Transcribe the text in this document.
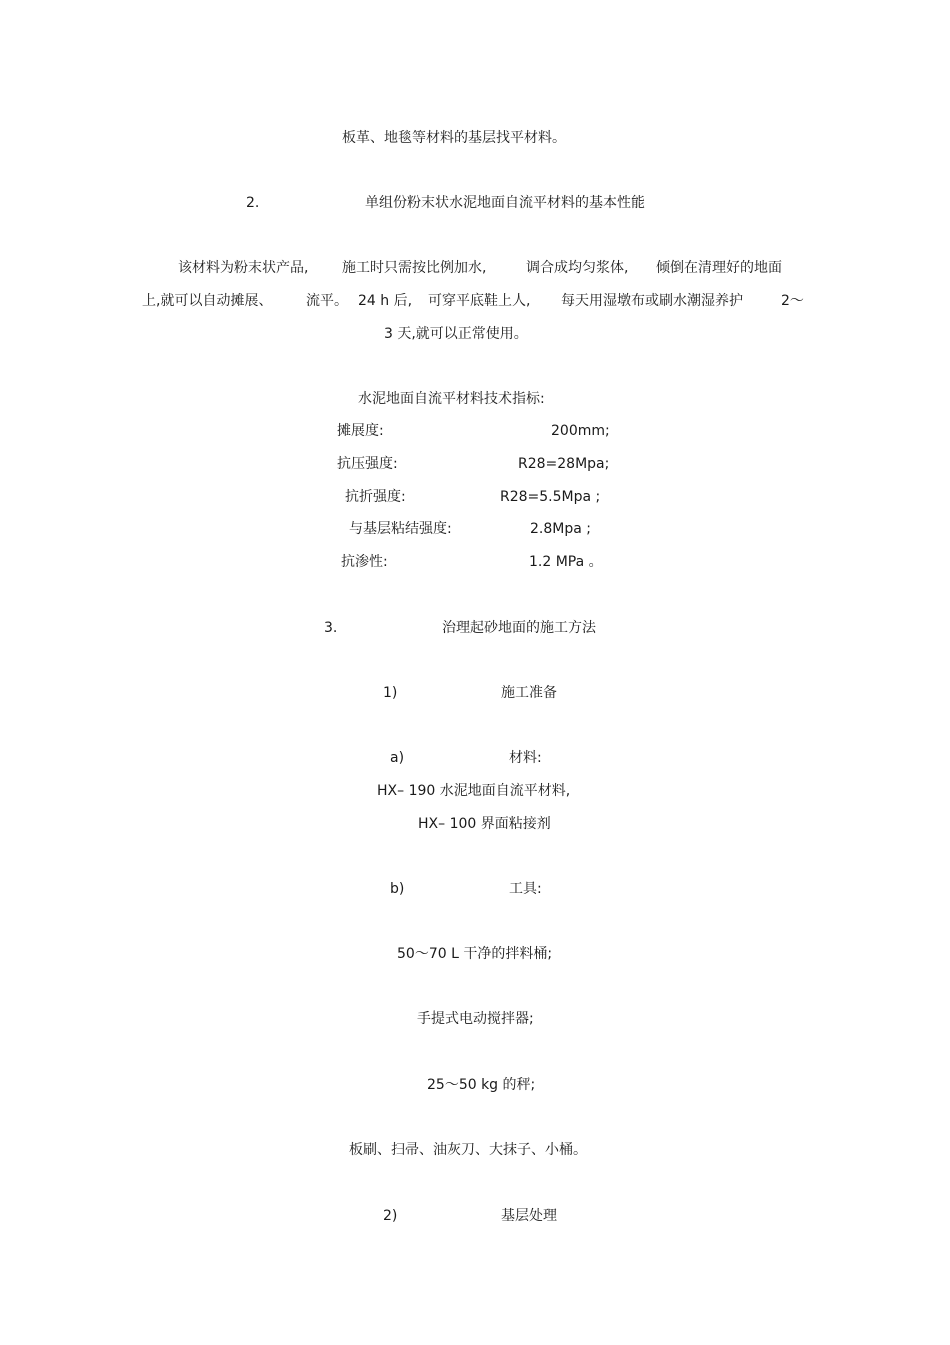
板革、地毯等材料的基层找平材料。
2.	单组份粉末状水泥地面自流平材料的基本性能
该材料为粉末状产品, 施工时只需按比例加水,	调合成均匀浆体, 倾倒在清理好的地面
上,就可以自动摊展、 流平。 24 h 后, 可穿平底鞋上人, 每天用湿墩布或刷水潮湿养护	2～
3 天,就可以正常使用。
水泥地面自流平材料技术指标:
摊展度:	200mm;
抗压强度:	R28=28Mpa;
抗折强度:	R28=5.5Mpa ;
与基层粘结强度:	2.8Mpa ;
抗渗性:	1.2 MPa 。
3.	治理起砂地面的施工方法
1)	施工准备
a)	材料:
HX– 190 水泥地面自流平材料,
HX– 100 界面粘接剂
b)	工具:
50～70 L 干净的拌料桶;
手提式电动搅拌器;
25～50 kg 的秤;
板刷、扫帚、油灰刀、大抹子、小桶。
2)	基层处理
